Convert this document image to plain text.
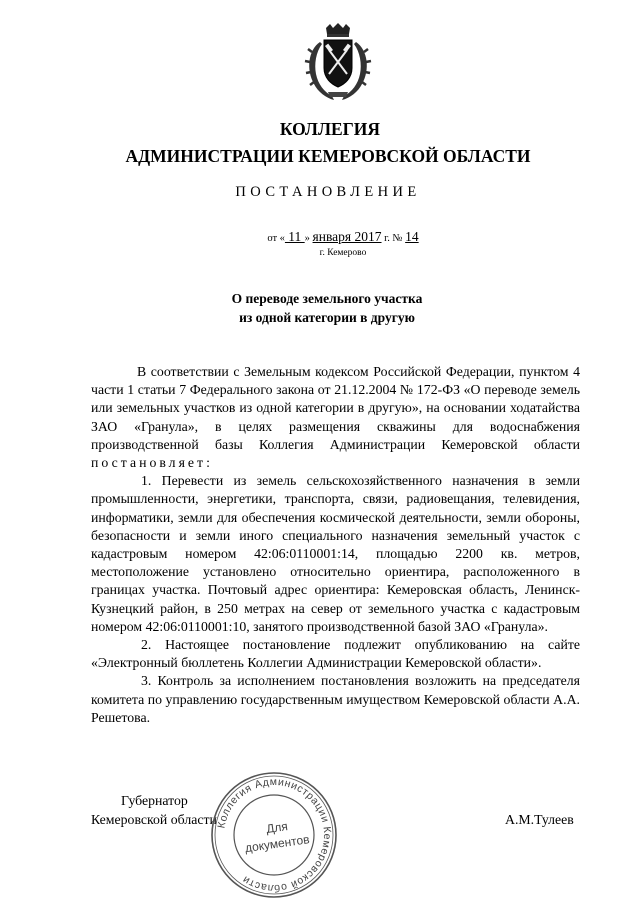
КОЛЛЕГИЯ
АДМИНИСТРАЦИИ КЕМЕРОВСКОЙ ОБЛАСТИ
ПОСТАНОВЛЕНИЕ
от « 11 » января 2017 г. № 14
г. Кемерово
О переводе земельного участка
из одной категории в другую

В соответствии с Земельным кодексом Российской Федерации, пунктом 4 части 1 статьи 7 Федерального закона от 21.12.2004 № 172-ФЗ «О переводе земель или земельных участков из одной категории в другую», на основании ходатайства ЗАО «Гранула», в целях размещения скважины для водоснабжения производственной базы Коллегия Администрации Кемеровской области постановляет:

1. Перевести из земель сельскохозяйственного назначения в земли промышленности, энергетики, транспорта, связи, радиовещания, телевидения, информатики, земли для обеспечения космической деятельности, земли обороны, безопасности и земли иного специального назначения земельный участок с кадастровым номером 42:06:0110001:14, площадью 2200 кв. метров, местоположение установлено относительно ориентира, расположенного в границах участка. Почтовый адрес ориентира: Кемеровская область, Ленинск-Кузнецкий район, в 250 метрах на север от земельного участка с кадастровым номером 42:06:0110001:10, занятого производственной базой ЗАО «Гранула».

2. Настоящее постановление подлежит опубликованию на сайте «Электронный бюллетень Коллегии Администрации Кемеровской области».

3. Контроль за исполнением постановления возложить на председателя комитета по управлению государственным имуществом Кемеровской области А.А. Решетова.

Губернатор
Кемеровской области	А.М.Тулеев
Коллегия Администрации Кемеровской области
Для
документов
